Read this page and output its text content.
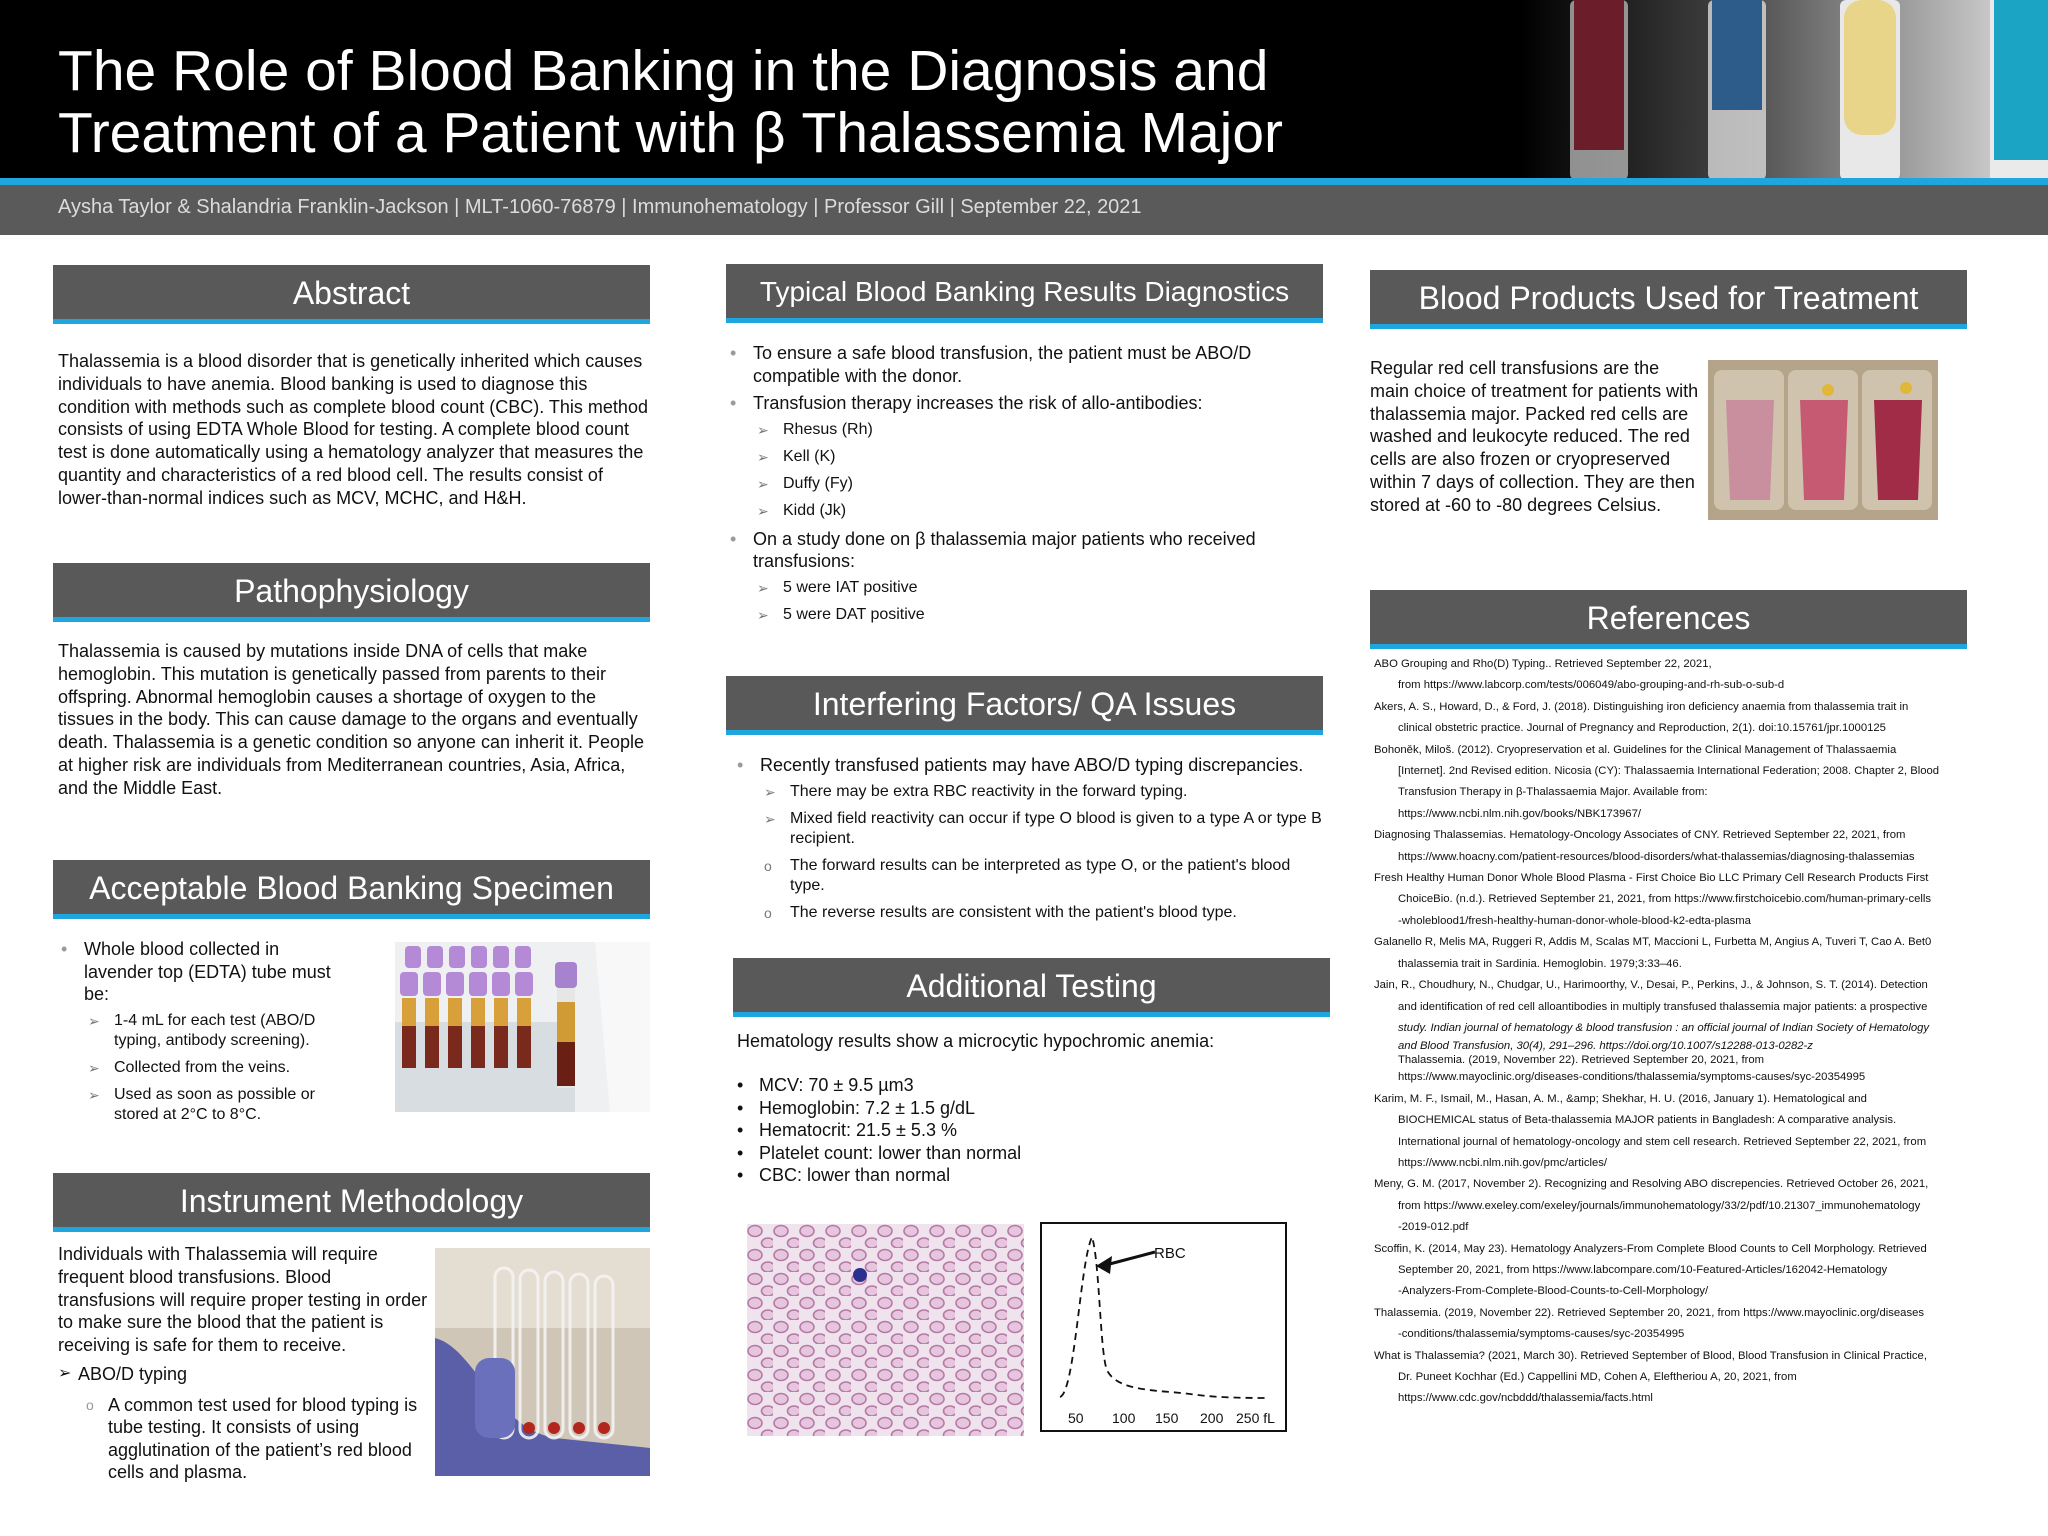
The Role of Blood Banking in the Diagnosis and
Treatment of a Patient with β Thalassemia Major
Aysha Taylor & Shalandria Franklin-Jackson | MLT-1060-76879 | Immunohematology | Professor Gill | September 22, 2021
Abstract

Thalassemia is a blood disorder that is genetically inherited which causes individuals to have anemia. Blood banking is used to diagnose this condition with methods such as complete blood count (CBC). This method consists of using EDTA Whole Blood for testing. A complete blood count test is done automatically using a hematology analyzer that measures the quantity and characteristics of a red blood cell. The results consist of lower-than-normal indices such as MCV, MCHC, and H&H.

Pathophysiology

Thalassemia is caused by mutations inside DNA of cells that make hemoglobin. This mutation is genetically passed from parents to their offspring. Abnormal hemoglobin causes a shortage of oxygen to the tissues in the body. This can cause damage to the organs and eventually death. Thalassemia is a genetic condition so anyone can inherit it. People at higher risk are individuals from Mediterranean countries, Asia, Africa, and the Middle East.

Acceptable Blood Banking Specimen
• Whole blood collected in lavender top (EDTA) tube must be:
➢ 1-4 mL for each test (ABO/D typing, antibody screening).
➢ Collected from the veins.
➢ Used as soon as possible or stored at 2°C to 8°C.
Instrument Methodology

Individuals with Thalassemia will require frequent blood transfusions. Blood transfusions will require proper testing in order to make sure the blood that the patient is receiving is safe for them to receive.

➢ ABO/D typing
o A common test used for blood typing is tube testing. It consists of using agglutination of the patient’s red blood cells and plasma.
Typical Blood Banking Results Diagnostics
• To ensure a safe blood transfusion, the patient must be ABO/D compatible with the donor.
• Transfusion therapy increases the risk of allo-antibodies:
➢ Rhesus (Rh)
➢ Kell (K)
➢ Duffy (Fy)
➢ Kidd (Jk)
• On a study done on β thalassemia major patients who received transfusions:
➢ 5 were IAT positive
➢ 5 were DAT positive
Interfering Factors/ QA Issues
• Recently transfused patients may have ABO/D typing discrepancies.
➢ There may be extra RBC reactivity in the forward typing.
➢ Mixed field reactivity can occur if type O blood is given to a type A or type B recipient.
o The forward results can be interpreted as type O, or the patient's blood type.
o The reverse results are consistent with the patient's blood type.
Additional Testing

Hematology results show a microcytic hypochromic anemia:

• MCV: 70 ± 9.5 µm3
• Hemoglobin: 7.2 ± 1.5 g/dL
• Hematocrit: 21.5 ± 5.3 %
• Platelet count: lower than normal
• CBC: lower than normal
RBC
50 100 150 200 250 fL
Blood Products Used for Treatment

Regular red cell transfusions are the main choice of treatment for patients with thalassemia major. Packed red cells are washed and leukocyte reduced. The red cells are also frozen or cryopreserved within 7 days of collection. They are then stored at -60 to -80 degrees Celsius.

References

ABO Grouping and Rho(D) Typing.. Retrieved September 22, 2021,

from https://www.labcorp.com/tests/006049/abo-grouping-and-rh-sub-o-sub-d

Akers, A. S., Howard, D., & Ford, J. (2018). Distinguishing iron deficiency anaemia from thalassemia trait in

clinical obstetric practice. Journal of Pregnancy and Reproduction, 2(1). doi:10.15761/jpr.1000125

Bohoněk, Miloš. (2012). Cryopreservation et al. Guidelines for the Clinical Management of Thalassaemia

[Internet]. 2nd Revised edition. Nicosia (CY): Thalassaemia International Federation; 2008. Chapter 2, Blood

Transfusion Therapy in β-Thalassaemia Major. Available from:

https://www.ncbi.nlm.nih.gov/books/NBK173967/

Diagnosing Thalassemias. Hematology-Oncology Associates of CNY. Retrieved September 22, 2021, from

https://www.hoacny.com/patient-resources/blood-disorders/what-thalassemias/diagnosing-thalassemias

Fresh Healthy Human Donor Whole Blood Plasma - First Choice Bio LLC Primary Cell Research Products First

ChoiceBio. (n.d.). Retrieved September 21, 2021, from https://www.firstchoicebio.com/human-primary-cells

-wholeblood1/fresh-healthy-human-donor-whole-blood-k2-edta-plasma

Galanello R, Melis MA, Ruggeri R, Addis M, Scalas MT, Maccioni L, Furbetta M, Angius A, Tuveri T, Cao A. Bet0

thalassemia trait in Sardinia. Hemoglobin. 1979;3:33–46.

Jain, R., Choudhury, N., Chudgar, U., Harimoorthy, V., Desai, P., Perkins, J., & Johnson, S. T. (2014). Detection

and identification of red cell alloantibodies in multiply transfused thalassemia major patients: a prospective

study. Indian journal of hematology & blood transfusion : an official journal of Indian Society of Hematology

and Blood Transfusion, 30(4), 291–296. https://doi.org/10.1007/s12288-013-0282-z

Thalassemia. (2019, November 22). Retrieved September 20, 2021, from

https://www.mayoclinic.org/diseases-conditions/thalassemia/symptoms-causes/syc-20354995

Karim, M. F., Ismail, M., Hasan, A. M., &amp; Shekhar, H. U. (2016, January 1). Hematological and

BIOCHEMICAL status of Beta-thalassemia MAJOR patients in Bangladesh: A comparative analysis.

International journal of hematology-oncology and stem cell research. Retrieved September 22, 2021, from

https://www.ncbi.nlm.nih.gov/pmc/articles/

Meny, G. M. (2017, November 2). Recognizing and Resolving ABO discrepencies. Retrieved October 26, 2021,

from https://www.exeley.com/exeley/journals/immunohematology/33/2/pdf/10.21307_immunohematology

-2019-012.pdf

Scoffin, K. (2014, May 23). Hematology Analyzers-From Complete Blood Counts to Cell Morphology. Retrieved

September 20, 2021, from https://www.labcompare.com/10-Featured-Articles/162042-Hematology

-Analyzers-From-Complete-Blood-Counts-to-Cell-Morphology/

Thalassemia. (2019, November 22). Retrieved September 20, 2021, from https://www.mayoclinic.org/diseases

-conditions/thalassemia/symptoms-causes/syc-20354995

What is Thalassemia? (2021, March 30). Retrieved September of Blood, Blood Transfusion in Clinical Practice,

Dr. Puneet Kochhar (Ed.) Cappellini MD, Cohen A, Eleftheriou A, 20, 2021, from

https://www.cdc.gov/ncbddd/thalassemia/facts.html
